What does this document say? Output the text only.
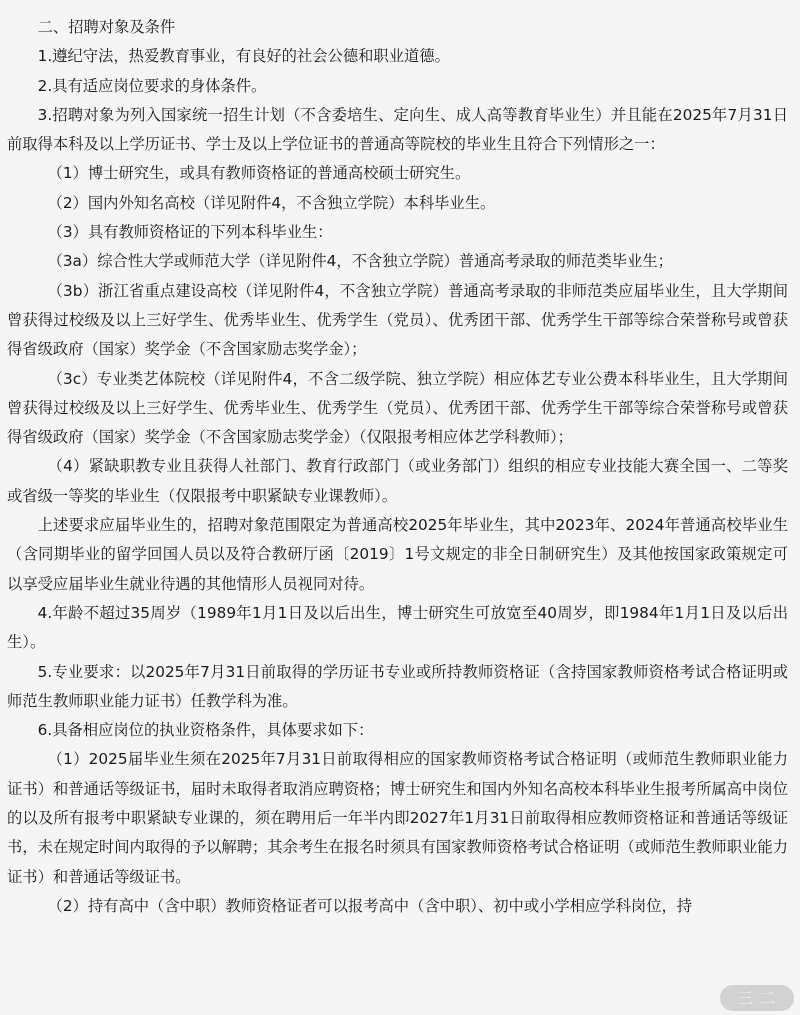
二、招聘对象及条件

1.遵纪守法，热爱教育事业，有良好的社会公德和职业道德。

2.具有适应岗位要求的身体条件。

3.招聘对象为列入国家统一招生计划（不含委培生、定向生、成人高等教育毕业生）并且能在2025年7月31日前取得本科及以上学历证书、学士及以上学位证书的普通高等院校的毕业生且符合下列情形之一：

（1）博士研究生，或具有教师资格证的普通高校硕士研究生。

（2）国内外知名高校（详见附件4，不含独立学院）本科毕业生。

（3）具有教师资格证的下列本科毕业生：

（3a）综合性大学或师范大学（详见附件4，不含独立学院）普通高考录取的师范类毕业生；

（3b）浙江省重点建设高校（详见附件4，不含独立学院）普通高考录取的非师范类应届毕业生，且大学期间曾获得过校级及以上三好学生、优秀毕业生、优秀学生（党员）、优秀团干部、优秀学生干部等综合荣誉称号或曾获得省级政府（国家）奖学金（不含国家励志奖学金）；

（3c）专业类艺体院校（详见附件4，不含二级学院、独立学院）相应体艺专业公费本科毕业生，且大学期间曾获得过校级及以上三好学生、优秀毕业生、优秀学生（党员）、优秀团干部、优秀学生干部等综合荣誉称号或曾获得省级政府（国家）奖学金（不含国家励志奖学金）（仅限报考相应体艺学科教师）；

（4）紧缺职教专业且获得人社部门、教育行政部门（或业务部门）组织的相应专业技能大赛全国一、二等奖或省级一等奖的毕业生（仅限报考中职紧缺专业课教师）。

上述要求应届毕业生的，招聘对象范围限定为普通高校2025年毕业生，其中2023年、2024年普通高校毕业生（含同期毕业的留学回国人员以及符合教研厅函〔2019〕1号文规定的非全日制研究生）及其他按国家政策规定可以享受应届毕业生就业待遇的其他情形人员视同对待。

4.年龄不超过35周岁（1989年1月1日及以后出生，博士研究生可放宽至40周岁，即1984年1月1日及以后出生）。

5.专业要求：以2025年7月31日前取得的学历证书专业或所持教师资格证（含持国家教师资格考试合格证明或师范生教师职业能力证书）任教学科为准。

6.具备相应岗位的执业资格条件，具体要求如下：

（1）2025届毕业生须在2025年7月31日前取得相应的国家教师资格考试合格证明（或师范生教师职业能力证书）和普通话等级证书，届时未取得者取消应聘资格；博士研究生和国内外知名高校本科毕业生报考所属高中岗位的以及所有报考中职紧缺专业课的，须在聘用后一年半内即2027年1月31日前取得相应教师资格证和普通话等级证书，未在规定时间内取得的予以解聘；其余考生在报名时须具有国家教师资格考试合格证明（或师范生教师职业能力证书）和普通话等级证书。

（2）持有高中（含中职）教师资格证者可以报考高中（含中职）、初中或小学相应学科岗位，持

三 二
